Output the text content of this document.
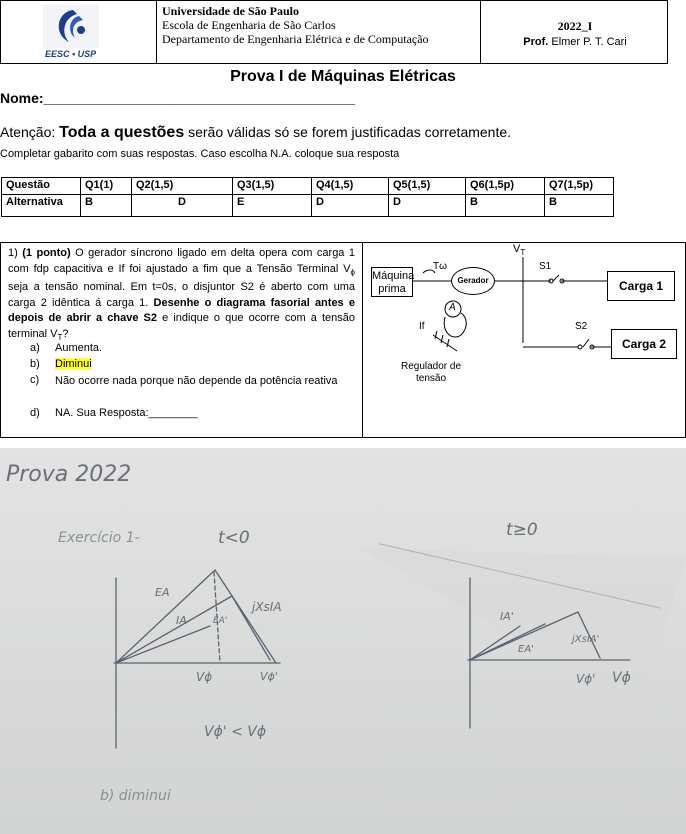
EESC • USP
Universidade de São Paulo
Escola de Engenharia de São Carlos
Departamento de Engenharia Elétrica e de Computação
2022_I
Prof. Elmer P. T. Cari
Prova I de Máquinas Elétricas
Nome:________________________________________
Atenção: Toda a questões serão válidas só se forem justificadas corretamente.
Completar gabarito com suas respostas. Caso escolha N.A. coloque sua resposta
Questão	Q1(1)	Q2(1,5)	Q3(1,5)	Q4(1,5)	Q5(1,5)	Q6(1,5p)	Q7(1,5p)
Alternativa	B	D	E	D	D	B	B
1) (1 ponto) O gerador síncrono ligado em delta opera com carga 1 com fdp capacitiva e If foi ajustado a fim que a Tensão Terminal $V_\phi$ seja a tensão nominal. Em t=0s, o disjuntor S2 é aberto com uma carga 2 idêntica á carga 1. Desenhe o diagrama fasorial antes e depois de abrir a chave S2 e indique o que ocorre com a tensão terminal $V_T$?
a) Aumenta.
b) Diminui
c) Não ocorre nada porque não depende da potência reativa
d) NA. Sua Resposta:________
$V_T$
Máquina prima
Tω
Gerador
A
If
Regulador de tensão
S1
S2
Carga 1
Carga 2
Prova 2022
Exercício 1-	t<0	t≥0
EA
IA	EA'
jXsIA
Vϕ	Vϕ'
IA'
EA'
jXsIA'
Vϕ' Vϕ
Vϕ' < Vϕ
b) diminui
